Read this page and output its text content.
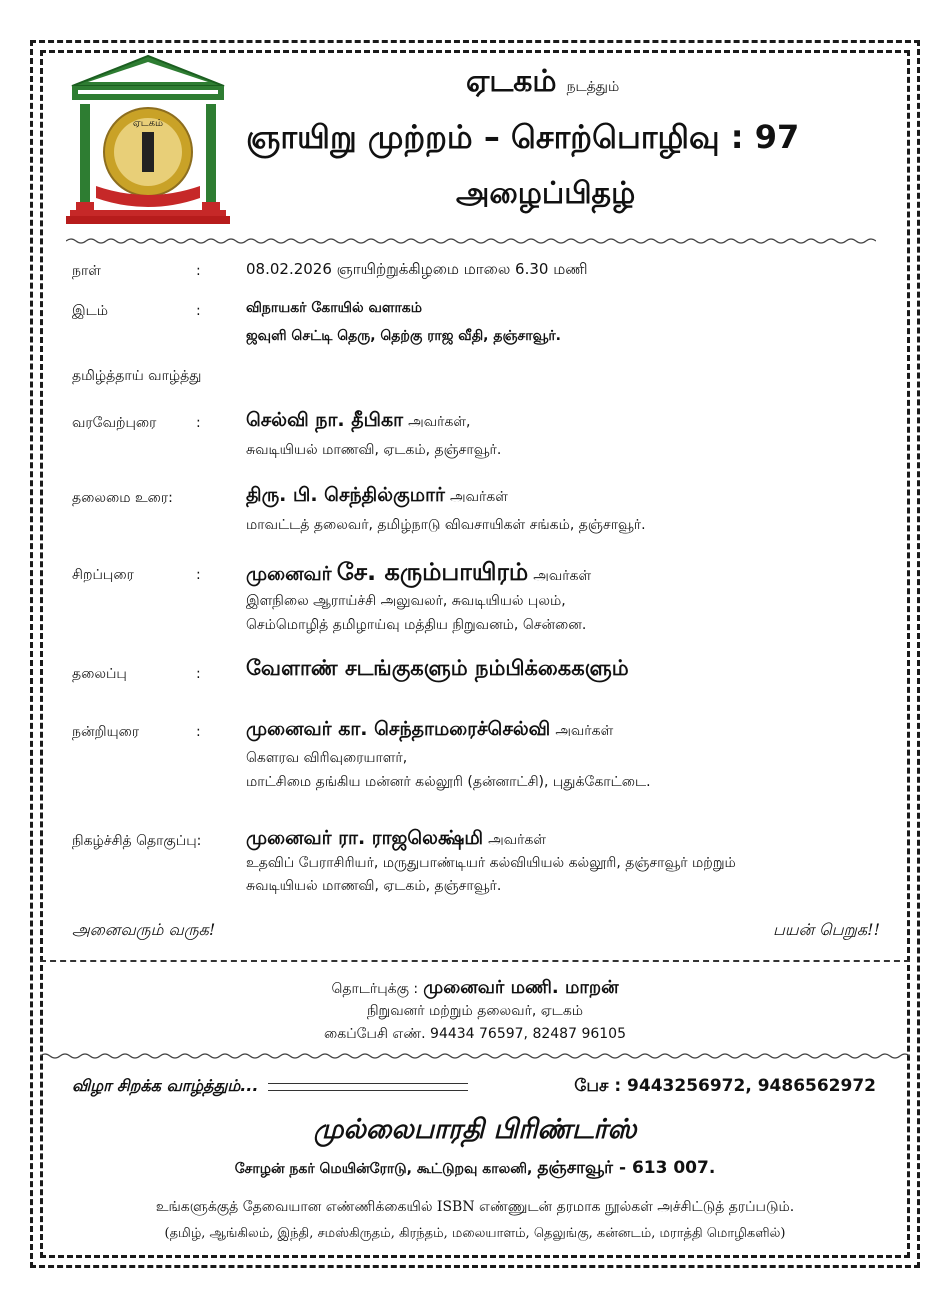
ஏடகம்
ஏடகம் நடத்தும்
ஞாயிறு முற்றம் – சொற்பொழிவு : 97
அழைப்பிதழ்
நாள்	:	08.02.2026 ஞாயிற்றுக்கிழமை மாலை 6.30 மணி
இடம்	:	விநாயகர் கோயில் வளாகம்
ஜவுளி செட்டி தெரு, தெற்கு ராஜ வீதி, தஞ்சாவூர்.
தமிழ்த்தாய் வாழ்த்து
வரவேற்புரை	: செல்வி நா. தீபிகா அவர்கள்,
சுவடியியல் மாணவி, ஏடகம், தஞ்சாவூர்.
தலைமை உரை:	திரு. பி. செந்தில்குமார் அவர்கள்
மாவட்டத் தலைவர், தமிழ்நாடு விவசாயிகள் சங்கம், தஞ்சாவூர்.
சிறப்புரை	: முனைவர் சே. கரும்பாயிரம் அவர்கள்
இளநிலை ஆராய்ச்சி அலுவலர், சுவடியியல் புலம்,
செம்மொழித் தமிழாய்வு மத்திய நிறுவனம், சென்னை.
தலைப்பு	: வேளாண் சடங்குகளும் நம்பிக்கைகளும்
நன்றியுரை	: முனைவர் கா. செந்தாமரைச்செல்வி அவர்கள்
கௌரவ விரிவுரையாளர்,
மாட்சிமை தங்கிய மன்னர் கல்லூரி (தன்னாட்சி), புதுக்கோட்டை.
நிகழ்ச்சித் தொகுப்பு: முனைவர் ரா. ராஜலெக்ஷ்மி அவர்கள்
உதவிப் பேராசிரியர், மருதுபாண்டியர் கல்வியியல் கல்லூரி, தஞ்சாவூர் மற்றும்
சுவடியியல் மாணவி, ஏடகம், தஞ்சாவூர்.
அனைவரும் வருக!	பயன் பெறுக!!
தொடர்புக்கு : முனைவர் மணி. மாறன்
நிறுவனர் மற்றும் தலைவர், ஏடகம்
கைப்பேசி எண். 94434 76597, 82487 96105
விழா சிறக்க வாழ்த்தும்...	பேச : 9443256972, 9486562972
முல்லைபாரதி பிரிண்டர்ஸ்
சோழன் நகர் மெயின்ரோடு, கூட்டுறவு காலனி, தஞ்சாவூர் - 613 007.
உங்களுக்குத் தேவையான எண்ணிக்கையில் ISBN எண்ணுடன் தரமாக நூல்கள் அச்சிட்டுத் தரப்படும்.
(தமிழ், ஆங்கிலம், இந்தி, சமஸ்கிருதம், கிரந்தம், மலையாளம், தெலுங்கு, கன்னடம், மராத்தி மொழிகளில்)
